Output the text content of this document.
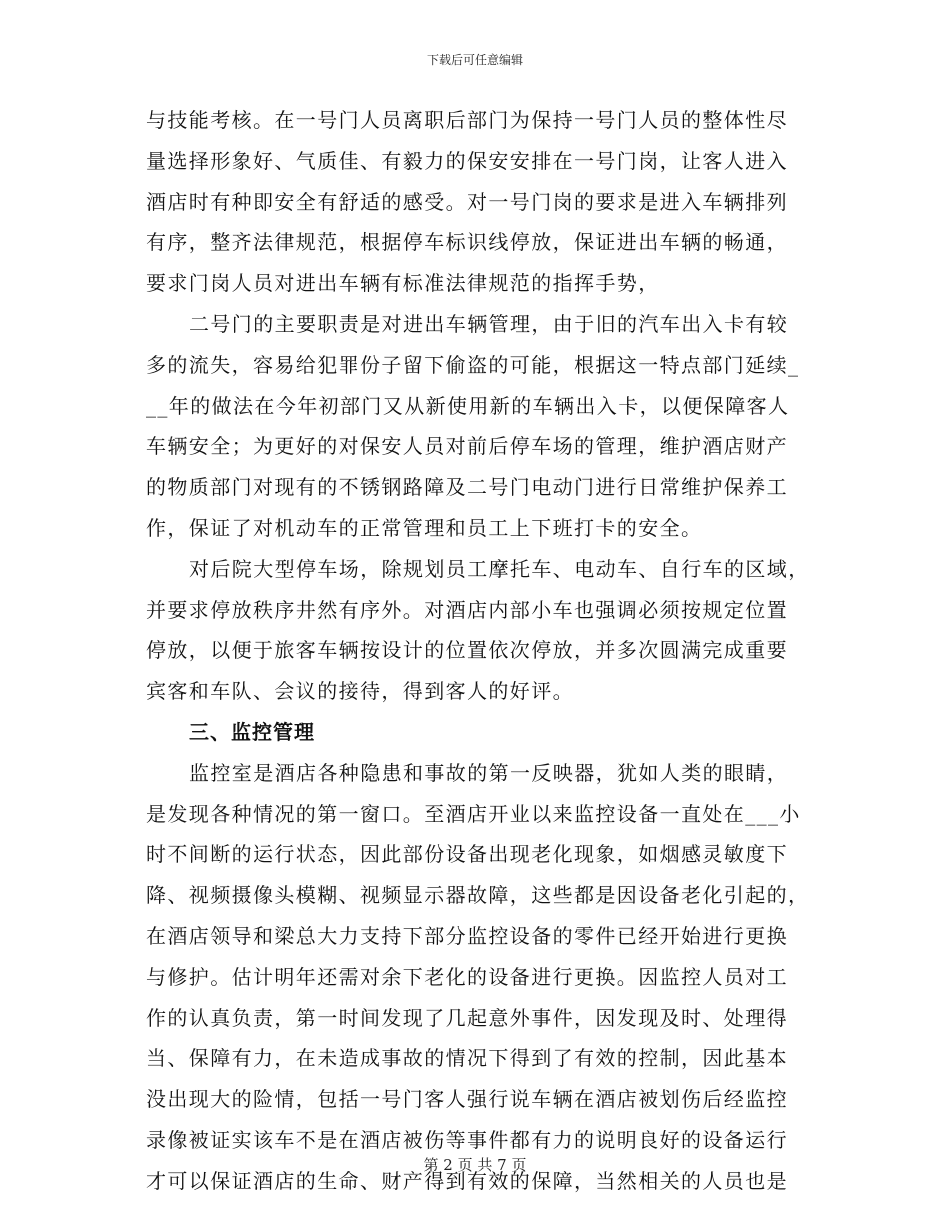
下载后可任意编辑
与技能考核。在一号门人员离职后部门为保持一号门人员的整体性尽
量选择形象好、气质佳、有毅力的保安安排在一号门岗，让客人进入
酒店时有种即安全有舒适的感受。对一号门岗的要求是进入车辆排列
有序，整齐法律规范，根据停车标识线停放，保证进出车辆的畅通，
要求门岗人员对进出车辆有标准法律规范的指挥手势，
二号门的主要职责是对进出车辆管理，由于旧的汽车出入卡有较
多的流失，容易给犯罪份子留下偷盗的可能，根据这一特点部门延续_
__年的做法在今年初部门又从新使用新的车辆出入卡，以便保障客人
车辆安全；为更好的对保安人员对前后停车场的管理，维护酒店财产
的物质部门对现有的不锈钢路障及二号门电动门进行日常维护保养工
作，保证了对机动车的正常管理和员工上下班打卡的安全。
对后院大型停车场，除规划员工摩托车、电动车、自行车的区域，
并要求停放秩序井然有序外。对酒店内部小车也强调必须按规定位置
停放，以便于旅客车辆按设计的位置依次停放，并多次圆满完成重要
宾客和车队、会议的接待，得到客人的好评。
三、监控管理
监控室是酒店各种隐患和事故的第一反映器，犹如人类的眼睛，
是发现各种情况的第一窗口。至酒店开业以来监控设备一直处在___小
时不间断的运行状态，因此部份设备出现老化现象，如烟感灵敏度下
降、视频摄像头模糊、视频显示器故障，这些都是因设备老化引起的，
在酒店领导和梁总大力支持下部分监控设备的零件已经开始进行更换
与修护。估计明年还需对余下老化的设备进行更换。因监控人员对工
作的认真负责，第一时间发现了几起意外事件，因发现及时、处理得
当、保障有力，在未造成事故的情况下得到了有效的控制，因此基本
没出现大的险情，包括一号门客人强行说车辆在酒店被划伤后经监控
录像被证实该车不是在酒店被伤等事件都有力的说明良好的设备运行
才可以保证酒店的生命、财产得到有效的保障，当然相关的人员也是
第 2 页 共 7 页
